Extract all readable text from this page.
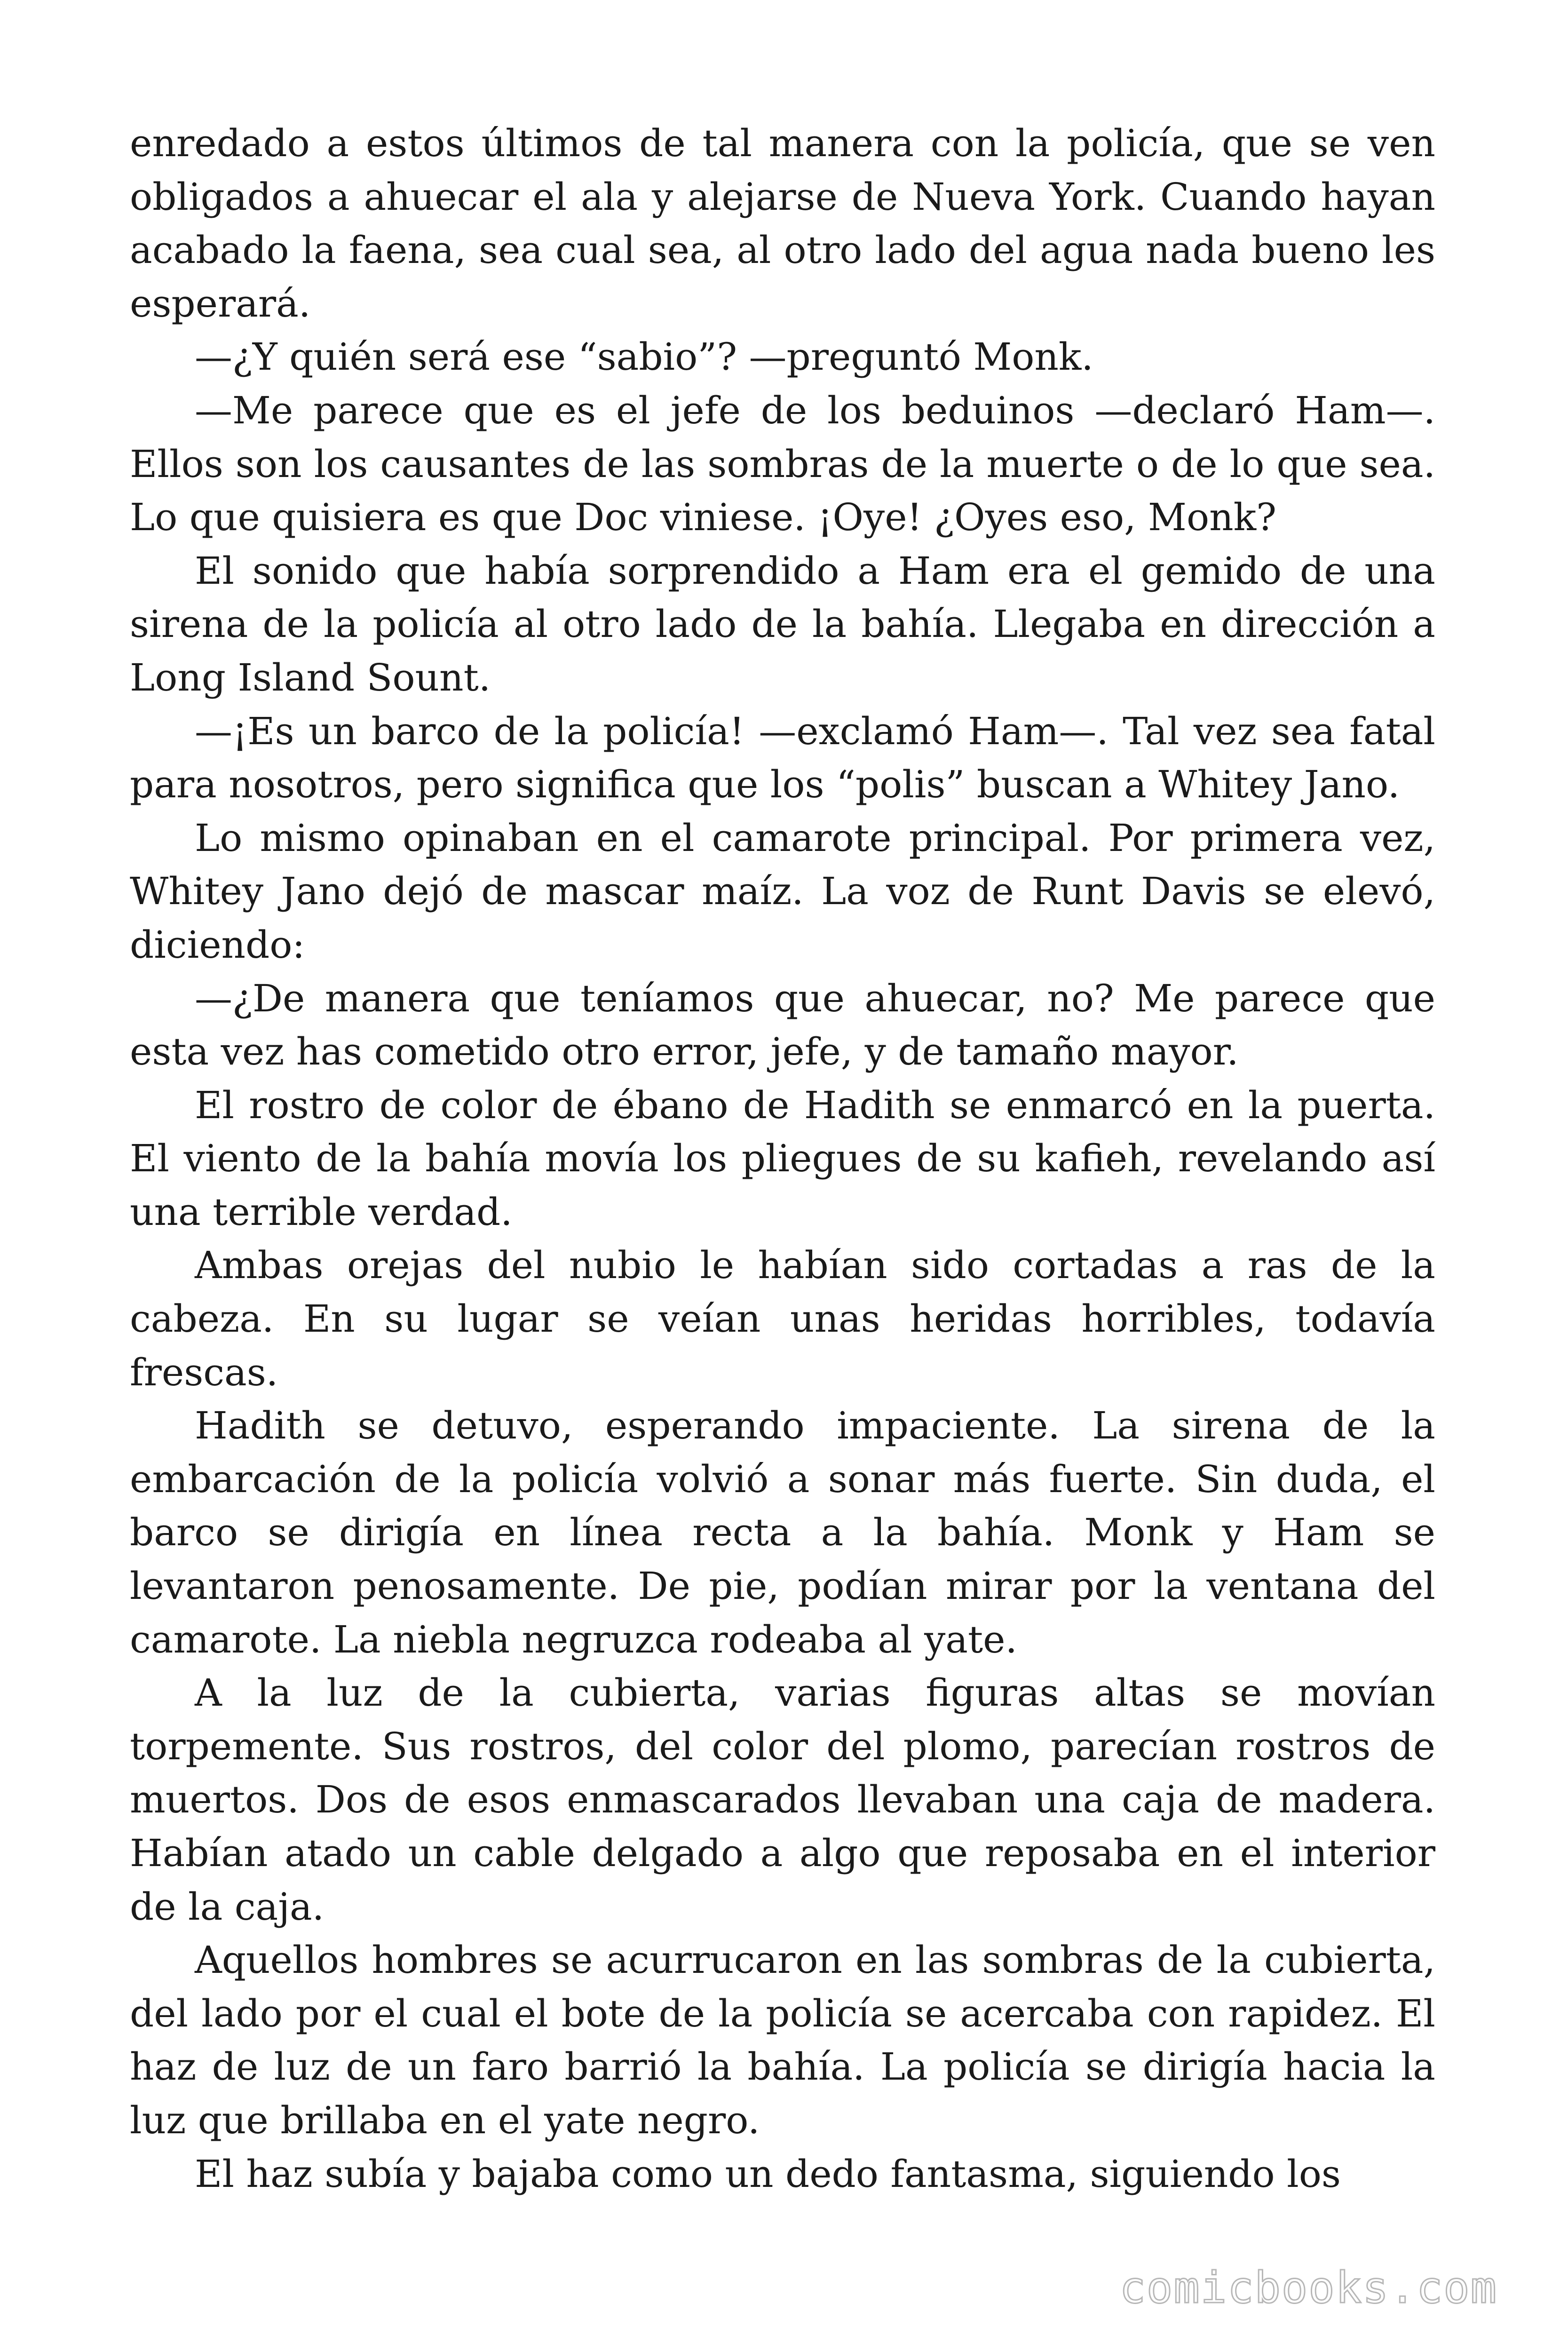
enredado a estos últimos de tal manera con la policía, que se ven obligados a ahuecar el ala y alejarse de Nueva York. Cuando hayan acabado la faena, sea cual sea, al otro lado del agua nada bueno les esperará.

—¿Y quién será ese “sabio”? —preguntó Monk.

—Me parece que es el jefe de los beduinos —declaró Ham—. Ellos son los causantes de las sombras de la muerte o de lo que sea. Lo que quisiera es que Doc viniese. ¡Oye! ¿Oyes eso, Monk?

El sonido que había sorprendido a Ham era el gemido de una sirena de la policía al otro lado de la bahía. Llegaba en dirección a Long Island Sount.

—¡Es un barco de la policía! —exclamó Ham—. Tal vez sea fatal para nosotros, pero significa que los “polis” buscan a Whitey Jano.

Lo mismo opinaban en el camarote principal. Por primera vez, Whitey Jano dejó de mascar maíz. La voz de Runt Davis se elevó, diciendo:

—¿De manera que teníamos que ahuecar, no? Me parece que esta vez has cometido otro error, jefe, y de tamaño mayor.

El rostro de color de ébano de Hadith se enmarcó en la puerta. El viento de la bahía movía los pliegues de su kafieh, revelando así una terrible verdad.

Ambas orejas del nubio le habían sido cortadas a ras de la cabeza. En su lugar se veían unas heridas horribles, todavía frescas.

Hadith se detuvo, esperando impaciente. La sirena de la embarcación de la policía volvió a sonar más fuerte. Sin duda, el barco se dirigía en línea recta a la bahía. Monk y Ham se levantaron penosamente. De pie, podían mirar por la ventana del camarote. La niebla negruzca rodeaba al yate.

A la luz de la cubierta, varias figuras altas se movían torpemente. Sus rostros, del color del plomo, parecían rostros de muertos. Dos de esos enmascarados llevaban una caja de madera. Habían atado un cable delgado a algo que reposaba en el interior de la caja.

Aquellos hombres se acurrucaron en las sombras de la cubierta, del lado por el cual el bote de la policía se acercaba con rapidez. El haz de luz de un faro barrió la bahía. La policía se dirigía hacia la luz que brillaba en el yate negro.

El haz subía y bajaba como un dedo fantasma, siguiendo los

comicbooks.com
